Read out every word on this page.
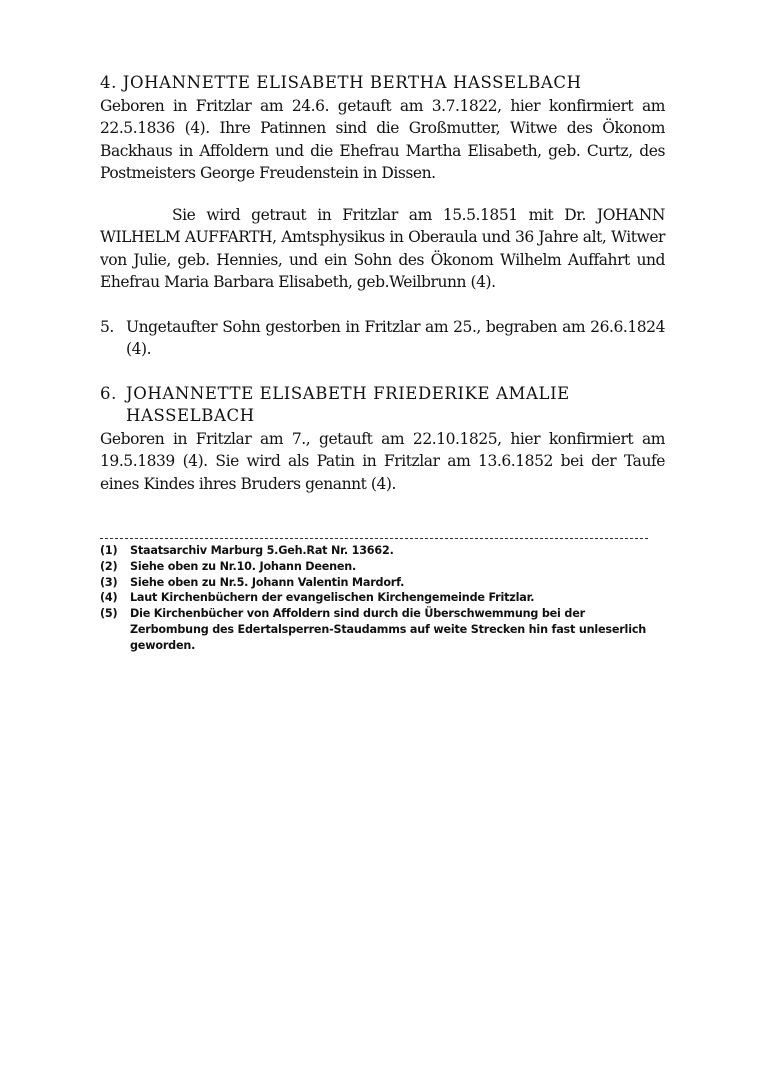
4. JOHANNETTE ELISABETH BERTHA HASSELBACH

Geboren in Fritzlar am 24.6. getauft am 3.7.1822, hier konfirmiert am 22.5.1836 (4). Ihre Patinnen sind die Großmutter, Witwe des Ökonom Backhaus in Affoldern und die Ehefrau Martha Elisabeth, geb. Curtz, des Postmeisters George Freudenstein in Dissen.

Sie wird getraut in Fritzlar am 15.5.1851 mit Dr. JOHANN WILHELM AUFFARTH, Amtsphysikus in Oberaula und 36 Jahre alt, Witwer von Julie, geb. Hennies, und ein Sohn des Ökonom Wilhelm Auffahrt und Ehefrau Maria Barbara Elisabeth, geb.Weilbrunn (4).

5. Ungetaufter Sohn gestorben in Fritzlar am 25., begraben am 26.6.1824 (4).
6. JOHANNETTE ELISABETH FRIEDERIKE AMALIE HASSELBACH

Geboren in Fritzlar am 7., getauft am 22.10.1825, hier konfirmiert am 19.5.1839 (4). Sie wird als Patin in Fritzlar am 13.6.1852 bei der Taufe eines Kindes ihres Bruders genannt (4).

(1)	Staatsarchiv Marburg 5.Geh.Rat Nr. 13662.
(2)	Siehe oben zu Nr.10. Johann Deenen.
(3)	Siehe oben zu Nr.5. Johann Valentin Mardorf.
(4)	Laut Kirchenbüchern der evangelischen Kirchengemeinde Fritzlar.
(5)	Die Kirchenbücher von Affoldern sind durch die Überschwemmung bei der Zerbombung des Edertalsperren-Staudamms auf weite Strecken hin fast unleserlich geworden.
